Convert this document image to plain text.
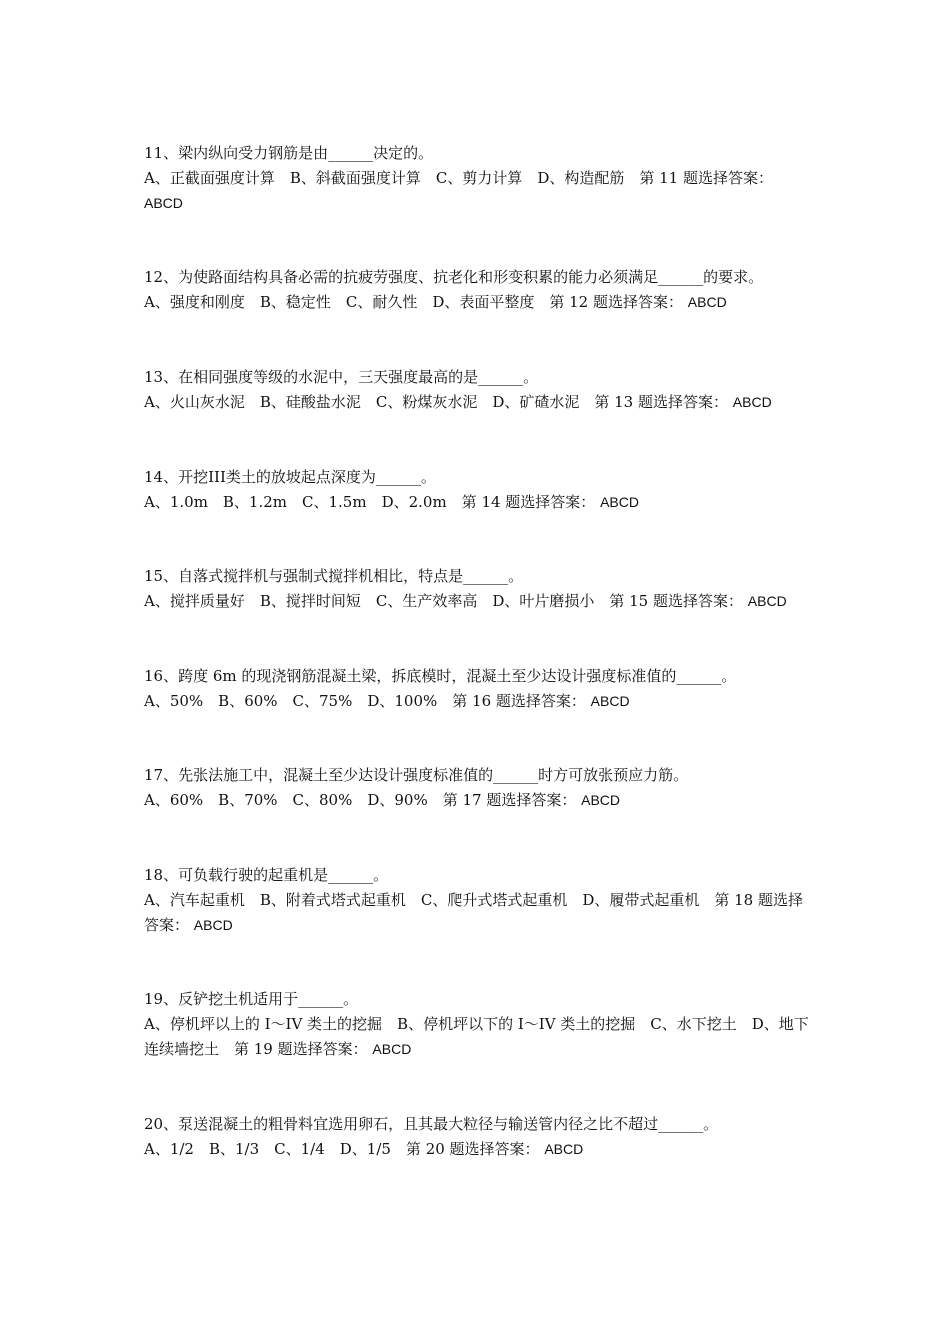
11、梁内纵向受力钢筋是由______决定的。
A、正截面强度计算　B、斜截面强度计算　C、剪力计算　D、构造配筋　第 11 题选择答案： ABCD
12、为使路面结构具备必需的抗疲劳强度、抗老化和形变积累的能力必须满足______的要求。
A、强度和刚度　B、稳定性　C、耐久性　D、表面平整度　第 12 题选择答案： ABCD
13、在相同强度等级的水泥中，三天强度最高的是______。
A、火山灰水泥　B、硅酸盐水泥　C、粉煤灰水泥　D、矿碴水泥　第 13 题选择答案： ABCD
14、开挖III类土的放坡起点深度为______。
A、1.0m　B、1.2m　C、1.5m　D、2.0m　第 14 题选择答案： ABCD
15、自落式搅拌机与强制式搅拌机相比，特点是______。
A、搅拌质量好　B、搅拌时间短　C、生产效率高　D、叶片磨损小　第 15 题选择答案： ABCD
16、跨度 6m 的现浇钢筋混凝土梁，拆底模时，混凝土至少达设计强度标准值的______。
A、50%　B、60%　C、75%　D、100%　第 16 题选择答案： ABCD
17、先张法施工中，混凝土至少达设计强度标准值的______时方可放张预应力筋。
A、60%　B、70%　C、80%　D、90%　第 17 题选择答案： ABCD
18、可负载行驶的起重机是______。
A、汽车起重机　B、附着式塔式起重机　C、爬升式塔式起重机　D、履带式起重机　第 18 题选择答案： ABCD
19、反铲挖土机适用于______。
A、停机坪以上的 I～IV 类土的挖掘　B、停机坪以下的 I～IV 类土的挖掘　C、水下挖土　D、地下连续墙挖土　第 19 题选择答案： ABCD
20、泵送混凝土的粗骨料宜选用卵石，且其最大粒径与输送管内径之比不超过______。
A、1/2　B、1/3　C、1/4　D、1/5　第 20 题选择答案： ABCD
